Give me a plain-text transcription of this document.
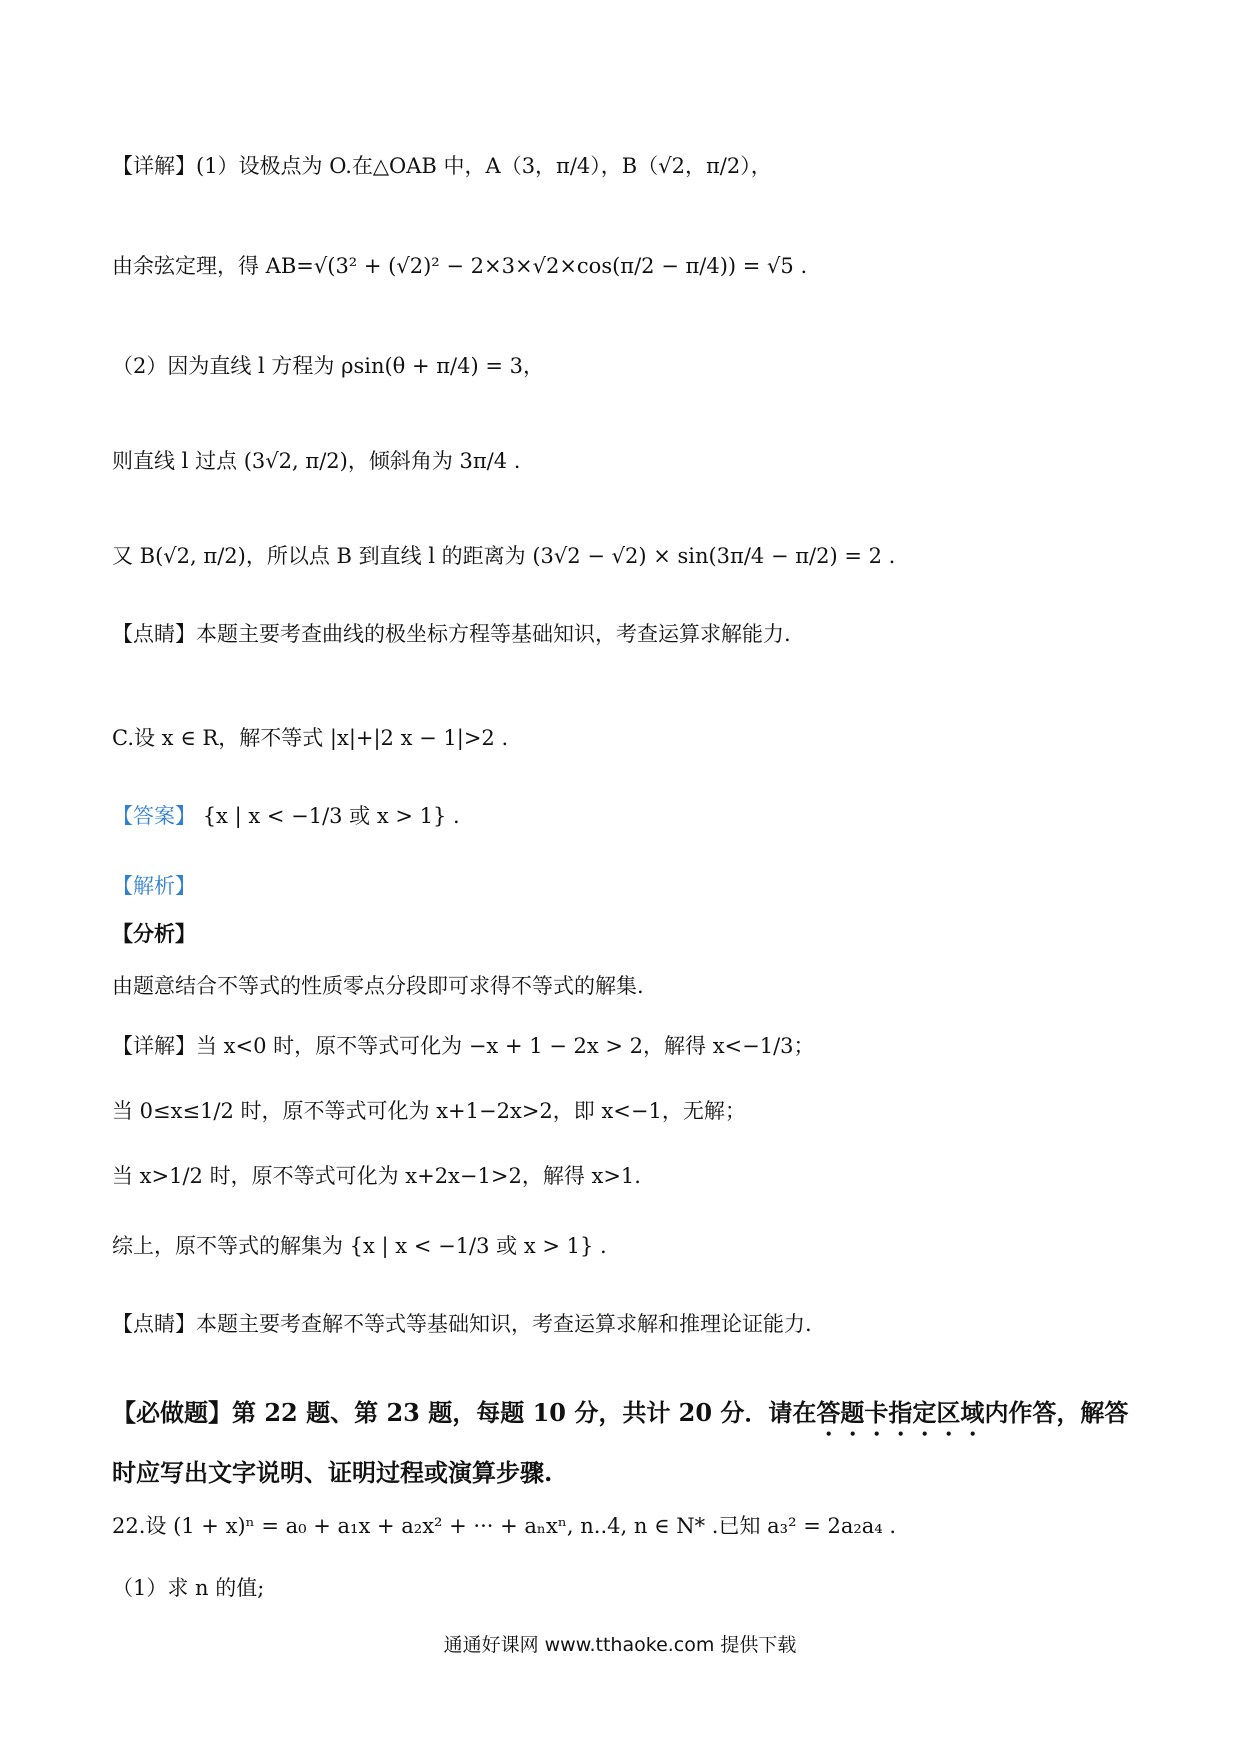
【详解】(1）设极点为 O.在△OAB 中，A（3，π/4），B（√2，π/2），
由余弦定理，得 AB=√(3² + (√2)² − 2×3×√2×cos(π/2 − π/4)) = √5 .
（2）因为直线 l 方程为 ρsin(θ + π/4) = 3，
则直线 l 过点 (3√2, π/2)，倾斜角为 3π/4 .
又 B(√2, π/2)，所以点 B 到直线 l 的距离为 (3√2 − √2) × sin(3π/4 − π/2) = 2 .
【点睛】本题主要考查曲线的极坐标方程等基础知识，考查运算求解能力.
C.设 x ∈ R，解不等式 |x|+|2 x − 1|>2 .
【答案】 {x | x < −1/3 或 x > 1} .
【解析】
【分析】
由题意结合不等式的性质零点分段即可求得不等式的解集.
【详解】当 x<0 时，原不等式可化为 −x + 1 − 2x > 2，解得 x<−1/3；
当 0≤x≤1/2 时，原不等式可化为 x+1−2x>2，即 x<−1，无解；
当 x>1/2 时，原不等式可化为 x+2x−1>2，解得 x>1.
综上，原不等式的解集为 {x | x < −1/3 或 x > 1} .
【点睛】本题主要考查解不等式等基础知识，考查运算求解和推理论证能力.
【必做题】第 22 题、第 23 题，每题 10 分，共计 20 分．请在答题卡指定区域内作答，解答
时应写出文字说明、证明过程或演算步骤.
22.设 (1 + x)ⁿ = a₀ + a₁x + a₂x² + ··· + aₙxⁿ, n..4, n ∈ N* .已知 a₃² = 2a₂a₄ .
（1）求 n 的值;
通通好课网 www.tthaoke.com 提供下载
